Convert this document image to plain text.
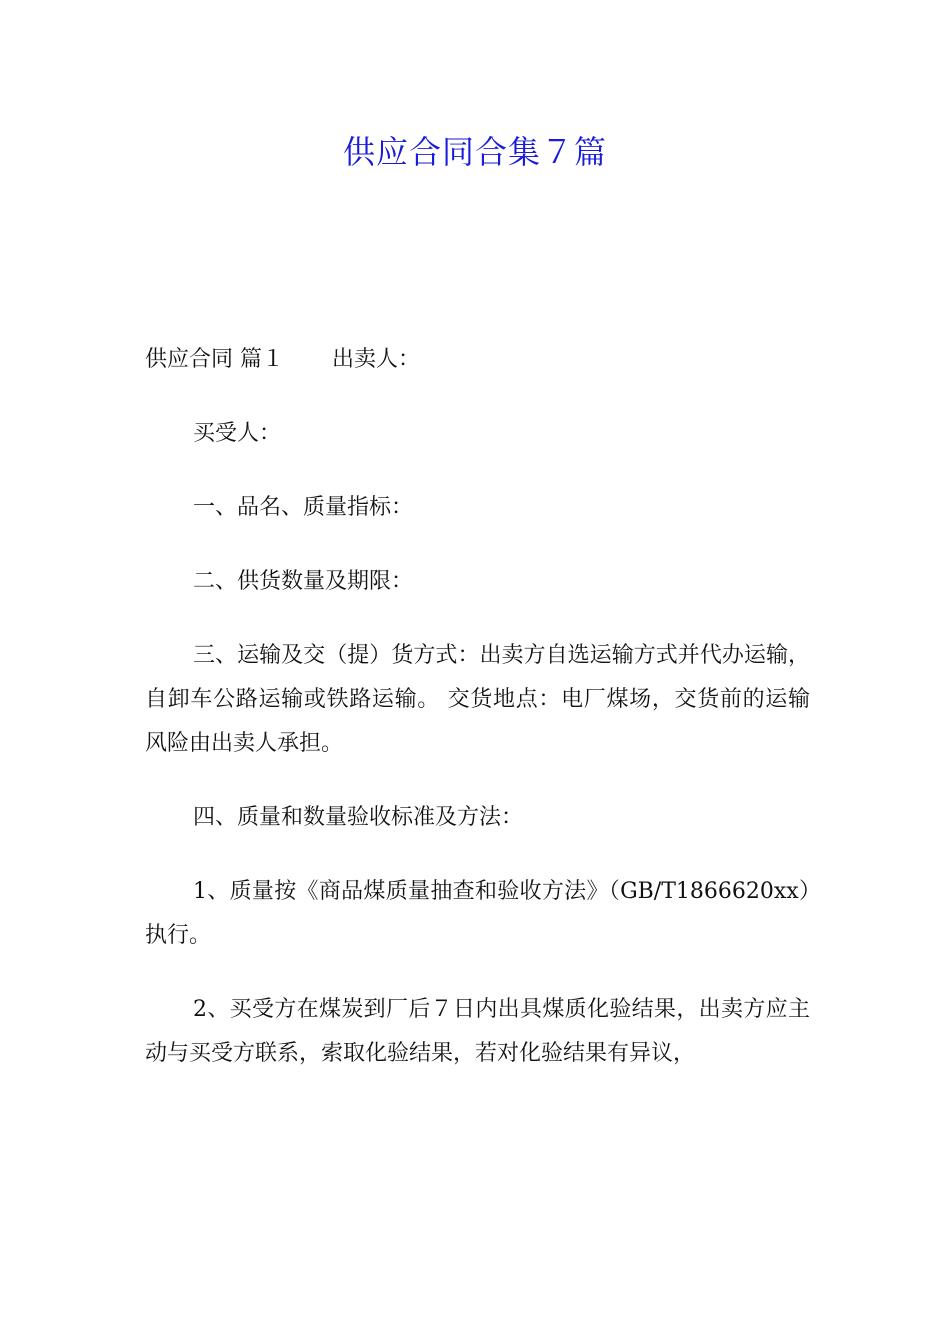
供应合同合集７篇

供应合同 篇１ 出卖人：

买受人：

一、品名、质量指标：

二、供货数量及期限：

三、运输及交（提）货方式：出卖方自选运输方式并代办运输，自卸车公路运输或铁路运输。 交货地点：电厂煤场，交货前的运输风险由出卖人承担。

四、质量和数量验收标准及方法：

1、质量按《商品煤质量抽查和验收方法》（GB/T1866620xx）执行。

2、买受方在煤炭到厂后７日内出具煤质化验结果，出卖方应主动与买受方联系，索取化验结果，若对化验结果有异议，
